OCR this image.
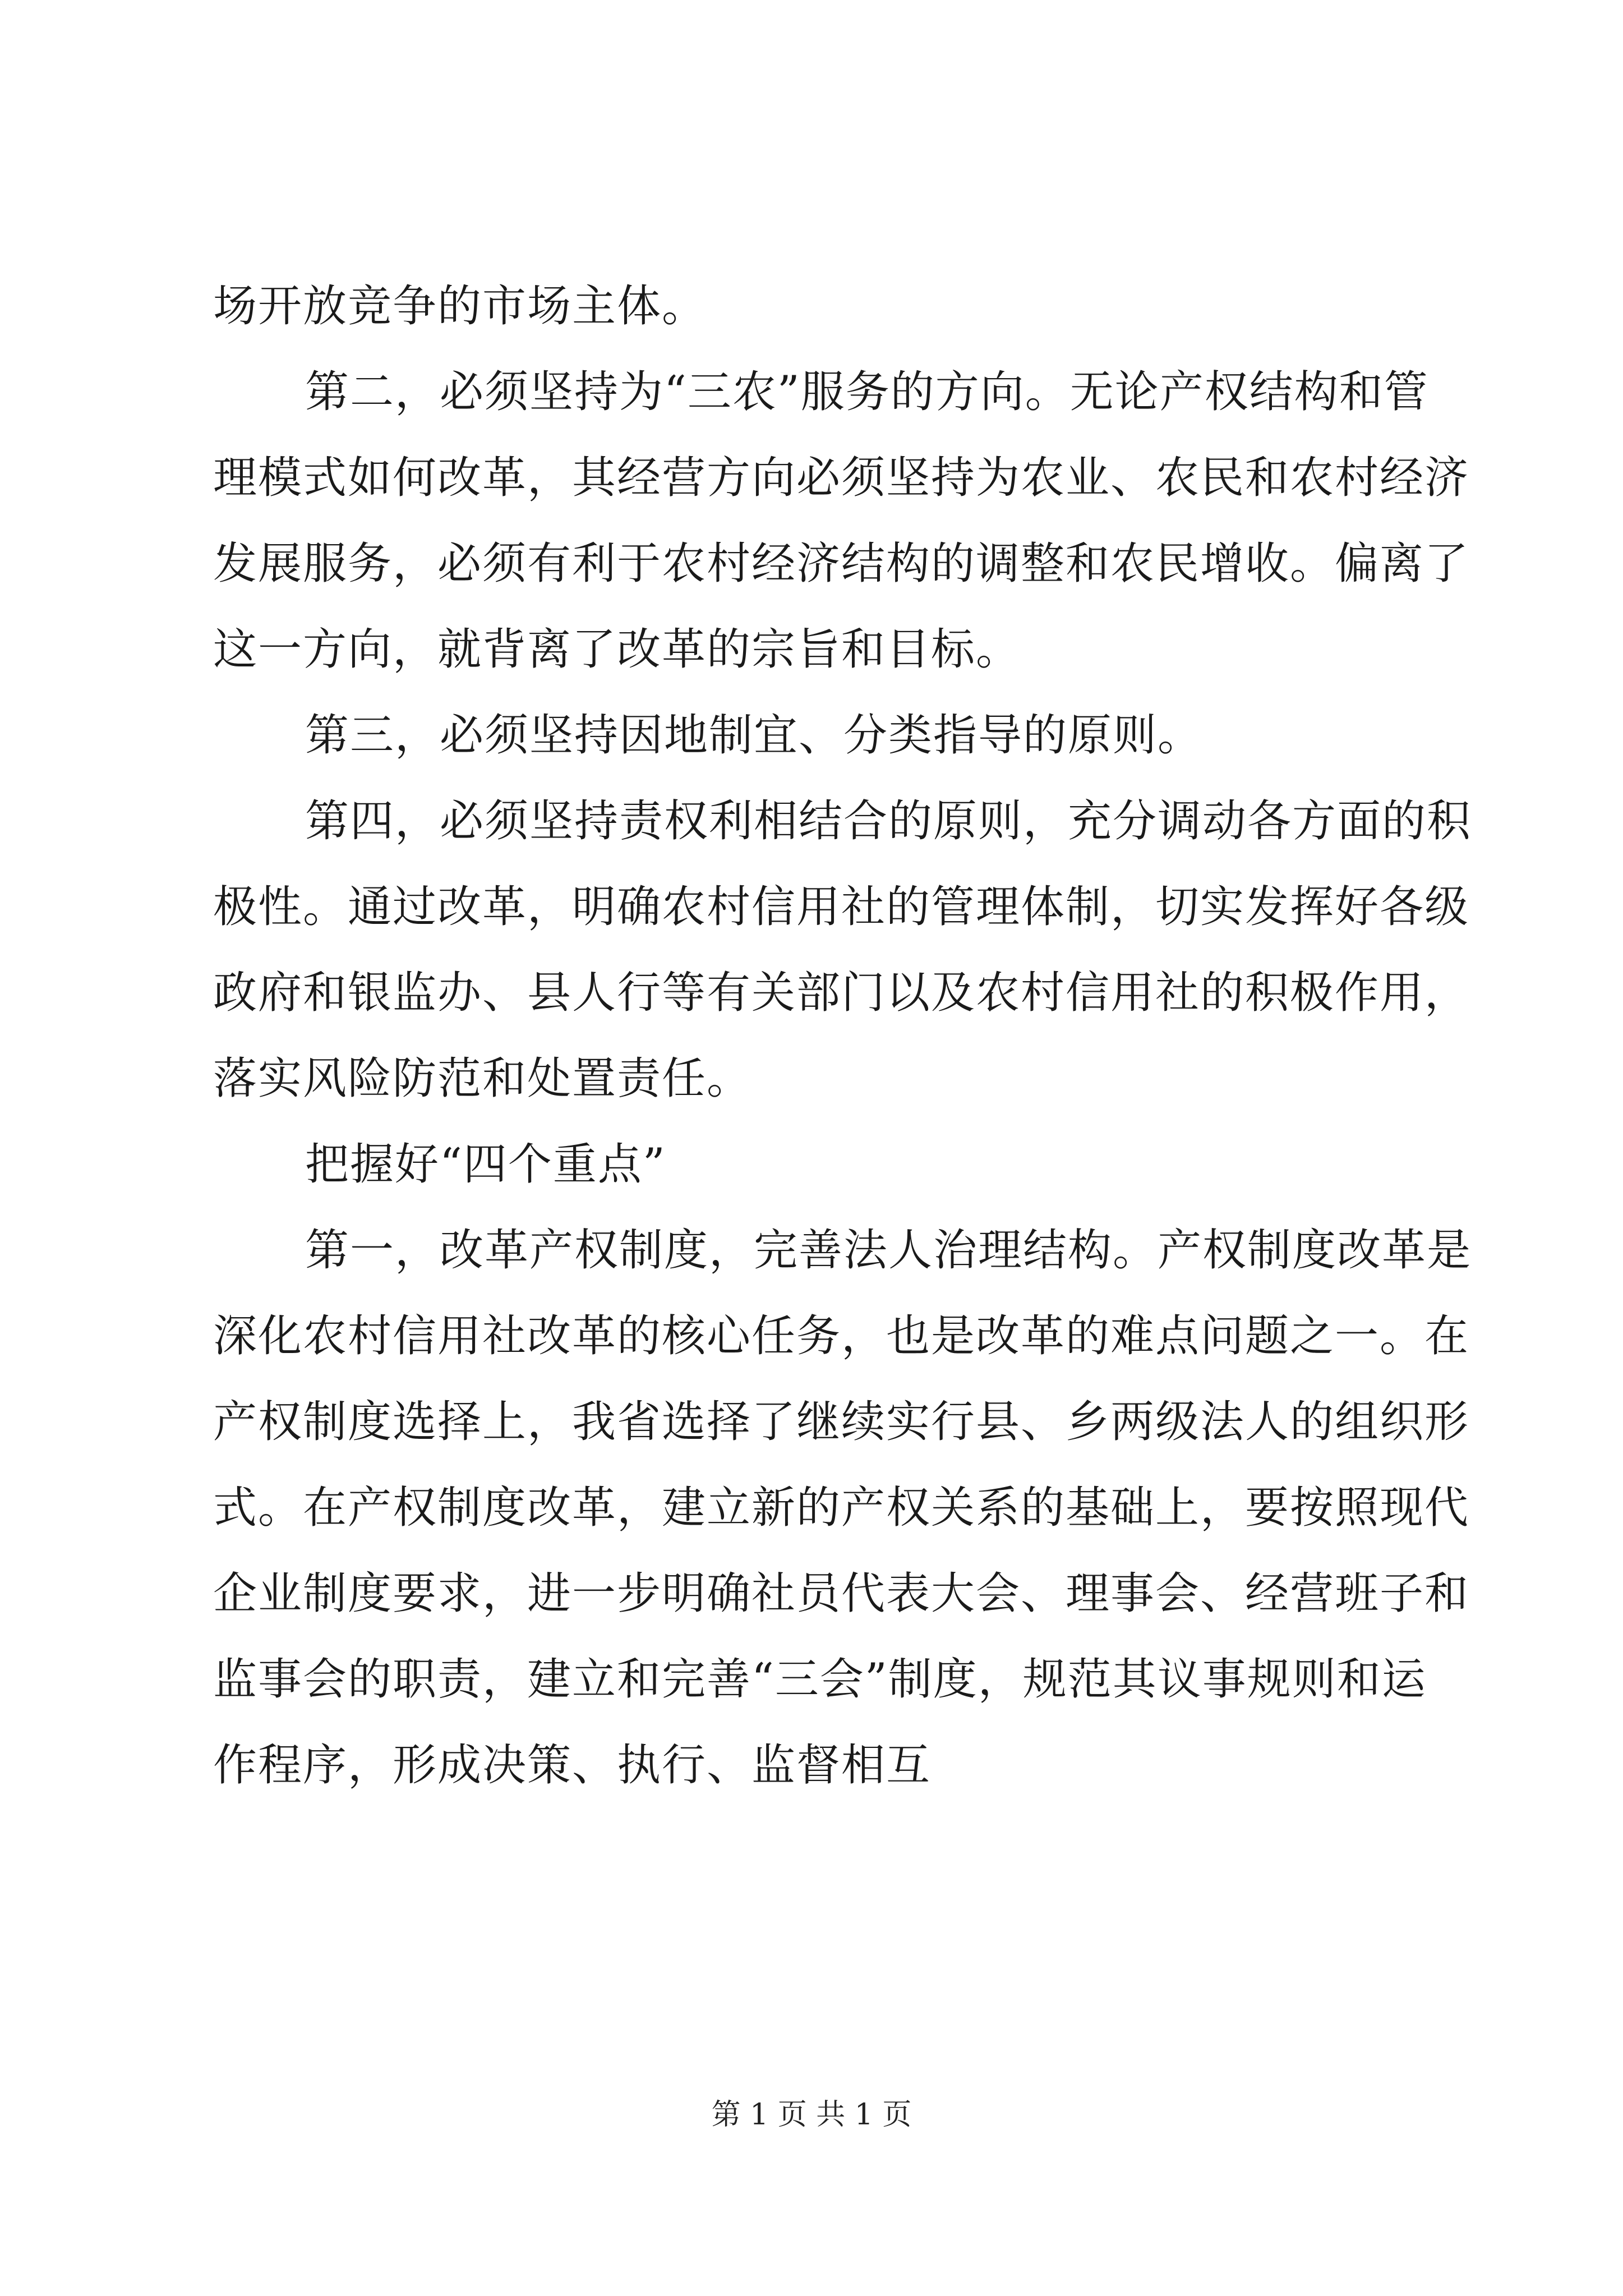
场开放竞争的市场主体。
第二，必须坚持为“三农”服务的方向。无论产权结构和管
理模式如何改革，其经营方向必须坚持为农业、农民和农村经济
发展服务，必须有利于农村经济结构的调整和农民增收。偏离了
这一方向，就背离了改革的宗旨和目标。
第三，必须坚持因地制宜、分类指导的原则。
第四，必须坚持责权利相结合的原则，充分调动各方面的积
极性。通过改革，明确农村信用社的管理体制，切实发挥好各级
政府和银监办、县人行等有关部门以及农村信用社的积极作用，
落实风险防范和处置责任。
把握好“四个重点”
第一，改革产权制度，完善法人治理结构。产权制度改革是
深化农村信用社改革的核心任务，也是改革的难点问题之一。在
产权制度选择上，我省选择了继续实行县、乡两级法人的组织形
式。在产权制度改革，建立新的产权关系的基础上，要按照现代
企业制度要求，进一步明确社员代表大会、理事会、经营班子和
监事会的职责，建立和完善“三会”制度，规范其议事规则和运
作程序，形成决策、执行、监督相互
第 1 页 共 1 页
